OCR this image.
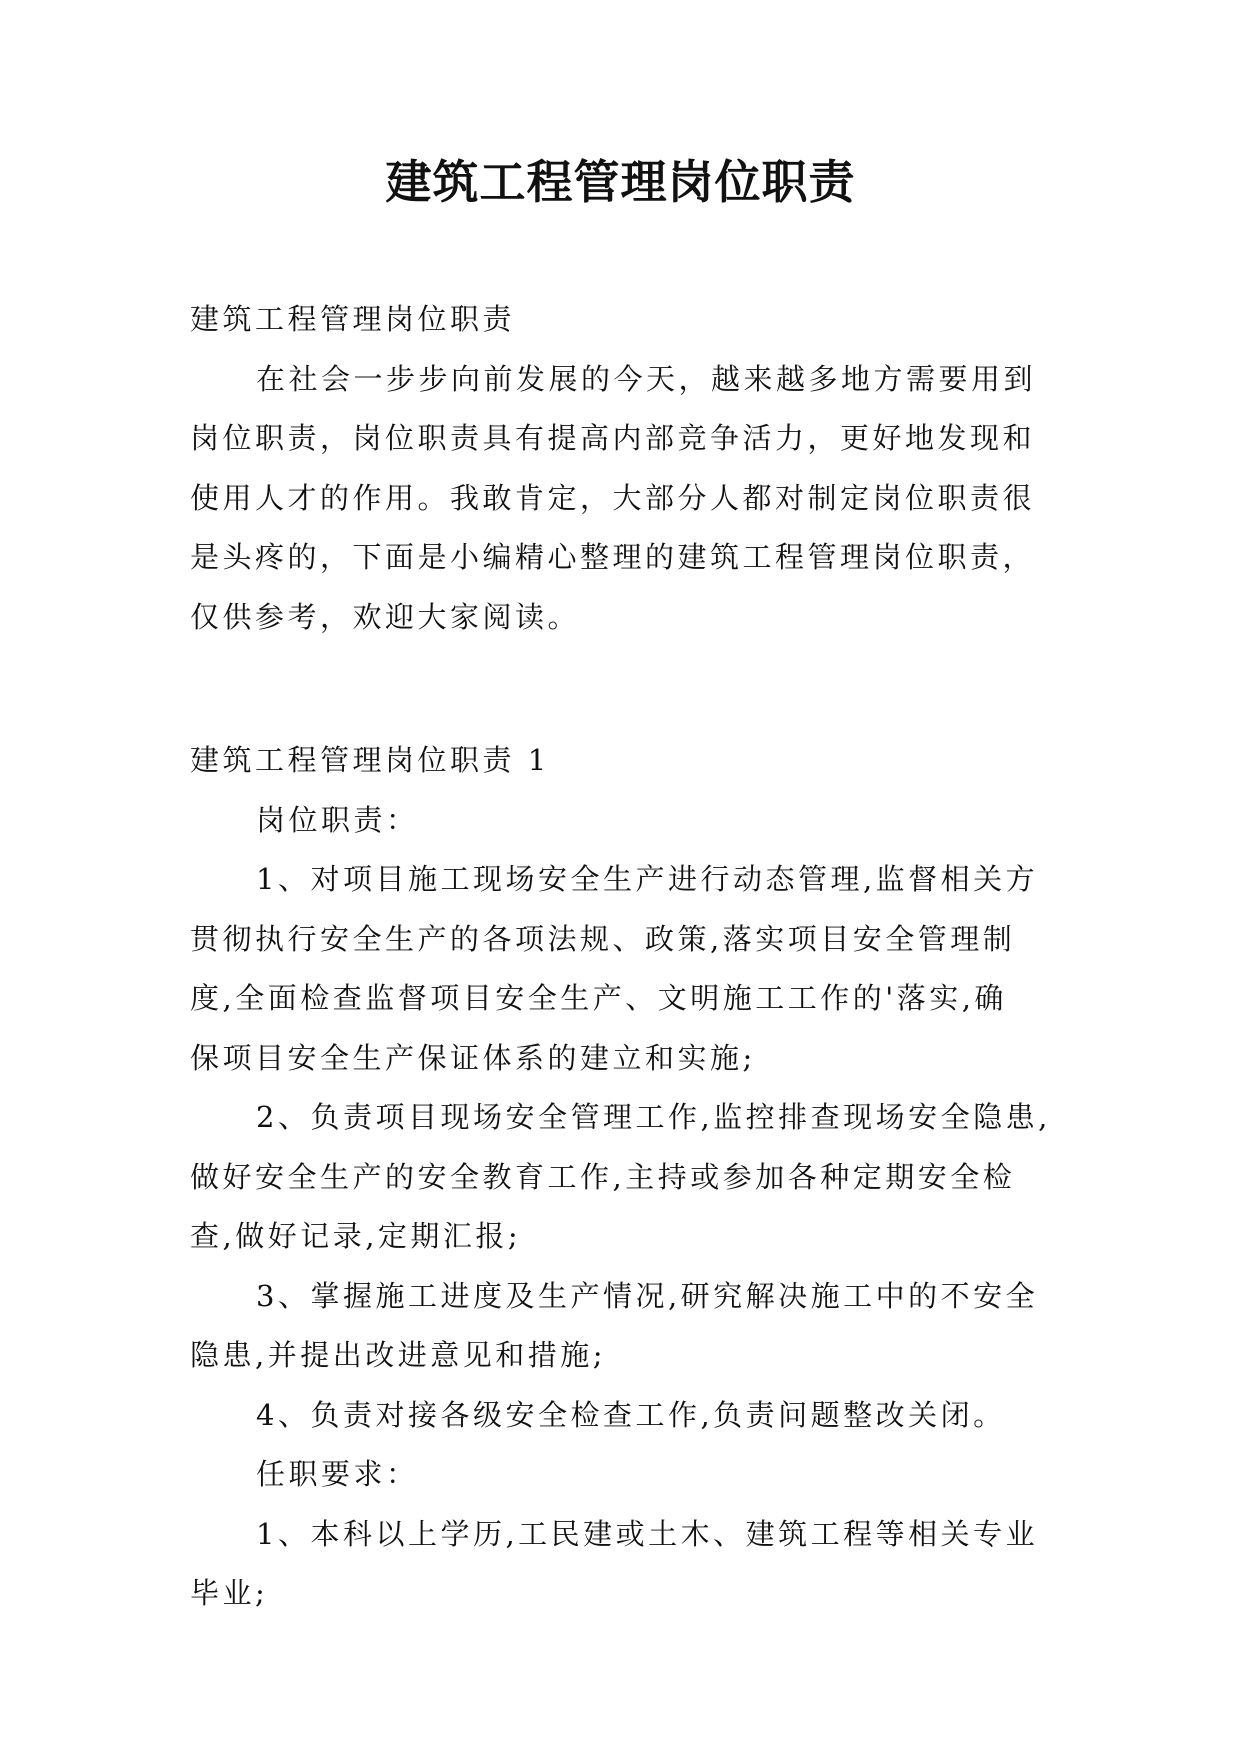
建筑工程管理岗位职责
建筑工程管理岗位职责
在社会一步步向前发展的今天，越来越多地方需要用到
岗位职责，岗位职责具有提高内部竞争活力，更好地发现和
使用人才的作用。我敢肯定，大部分人都对制定岗位职责很
是头疼的，下面是小编精心整理的建筑工程管理岗位职责，
仅供参考，欢迎大家阅读。
建筑工程管理岗位职责 1
岗位职责：
1、对项目施工现场安全生产进行动态管理,监督相关方
贯彻执行安全生产的各项法规、政策,落实项目安全管理制
度,全面检查监督项目安全生产、文明施工工作的'落实,确
保项目安全生产保证体系的建立和实施;
2、负责项目现场安全管理工作,监控排查现场安全隐患,
做好安全生产的安全教育工作,主持或参加各种定期安全检
查,做好记录,定期汇报;
3、掌握施工进度及生产情况,研究解决施工中的不安全
隐患,并提出改进意见和措施;
4、负责对接各级安全检查工作,负责问题整改关闭。
任职要求：
1、本科以上学历,工民建或土木、建筑工程等相关专业
毕业;
